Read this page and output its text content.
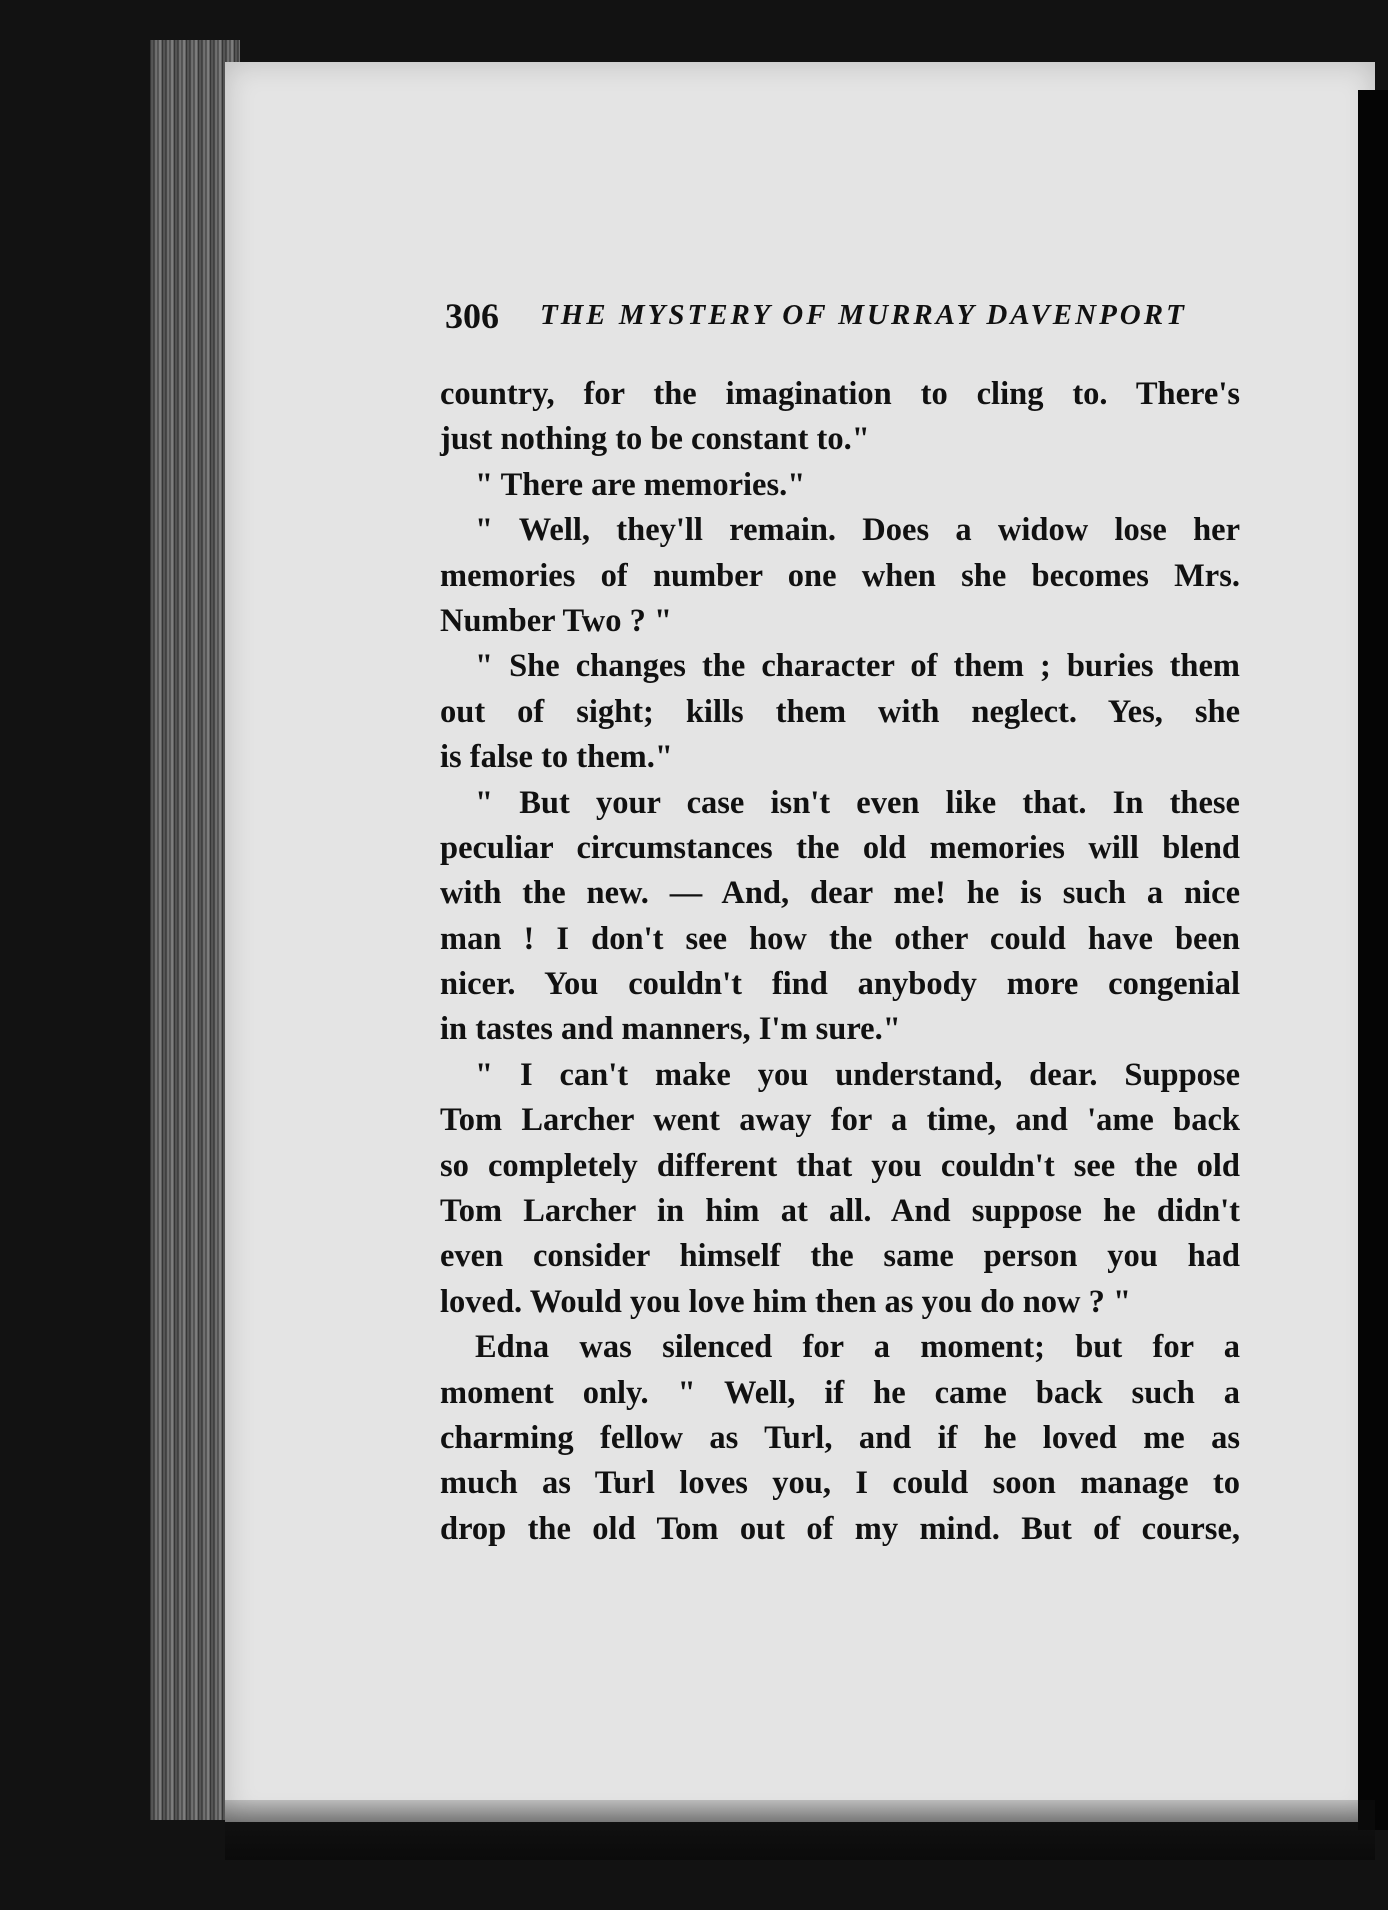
306 THE MYSTERY OF MURRAY DAVENPORT
country, for the imagination to cling to. There's
just nothing to be constant to."
" There are memories."
" Well, they'll remain. Does a widow lose her
memories of number one when she becomes Mrs.
Number Two ? "
" She changes the character of them ; buries them
out of sight; kills them with neglect. Yes, she
is false to them."
" But your case isn't even like that. In these
peculiar circumstances the old memories will blend
with the new. — And, dear me! he is such a nice
man ! I don't see how the other could have been
nicer. You couldn't find anybody more congenial
in tastes and manners, I'm sure."
" I can't make you understand, dear. Suppose
Tom Larcher went away for a time, and 'ame back
so completely different that you couldn't see the old
Tom Larcher in him at all. And suppose he didn't
even consider himself the same person you had
loved. Would you love him then as you do now ? "
Edna was silenced for a moment; but for a
moment only. " Well, if he came back such a
charming fellow as Turl, and if he loved me as
much as Turl loves you, I could soon manage to
drop the old Tom out of my mind. But of course,
